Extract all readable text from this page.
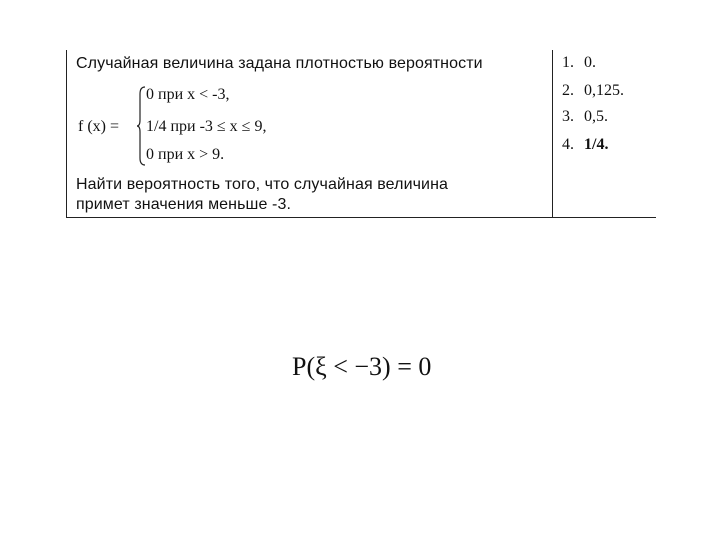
Случайная величина задана плотностью вероятности
f (x) =
0 при x < -3,
1/4 при -3 ≤ x ≤ 9,
0 при x > 9.
Найти вероятность того, что случайная величина
примет значения меньше -3.
1. 0.
2. 0,125.
3. 0,5.
4. 1/4.
P(ξ < −3) = 0
